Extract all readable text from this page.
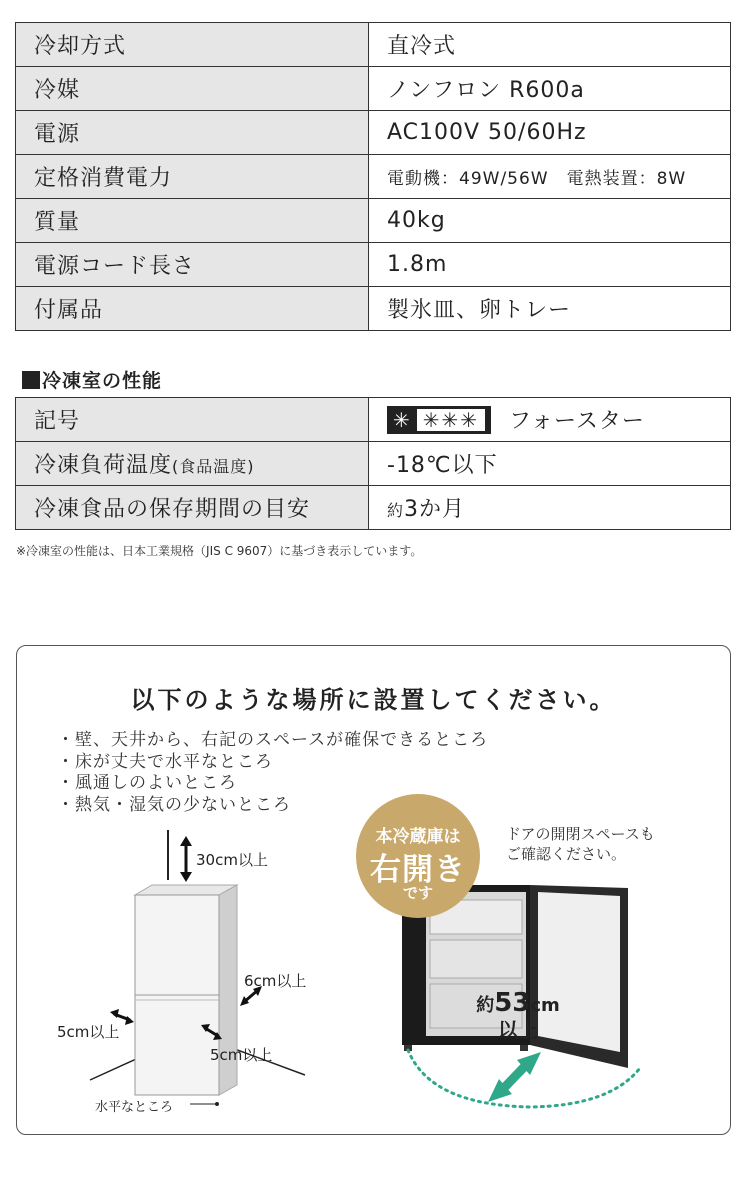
冷却方式	直冷式
冷媒	ノンフロン R600a
電源	AC100V 50/60Hz
定格消費電力	電動機：49W/56W　電熱装置：8W
質量	40kg
電源コード長さ	1.8m
付属品	製氷皿、卵トレー
冷凍室の性能
記号	✳ ✳✳✳ フォースター
冷凍負荷温度(食品温度)	-18℃以下
冷凍食品の保存期間の目安	約3か月
※冷凍室の性能は、日本工業規格（JIS C 9607）に基づき表示しています。
以下のような場所に設置してください。
・壁、天井から、右記のスペースが確保できるところ
・床が丈夫で水平なところ
・風通しのよいところ
・熱気・湿気の少ないところ
30cm以上
6cm以上
5cm以上
5cm以上
水平なところ
本冷蔵庫は
右開き
です
ドアの開閉スペースも
ご確認ください。
約53cm
以上
